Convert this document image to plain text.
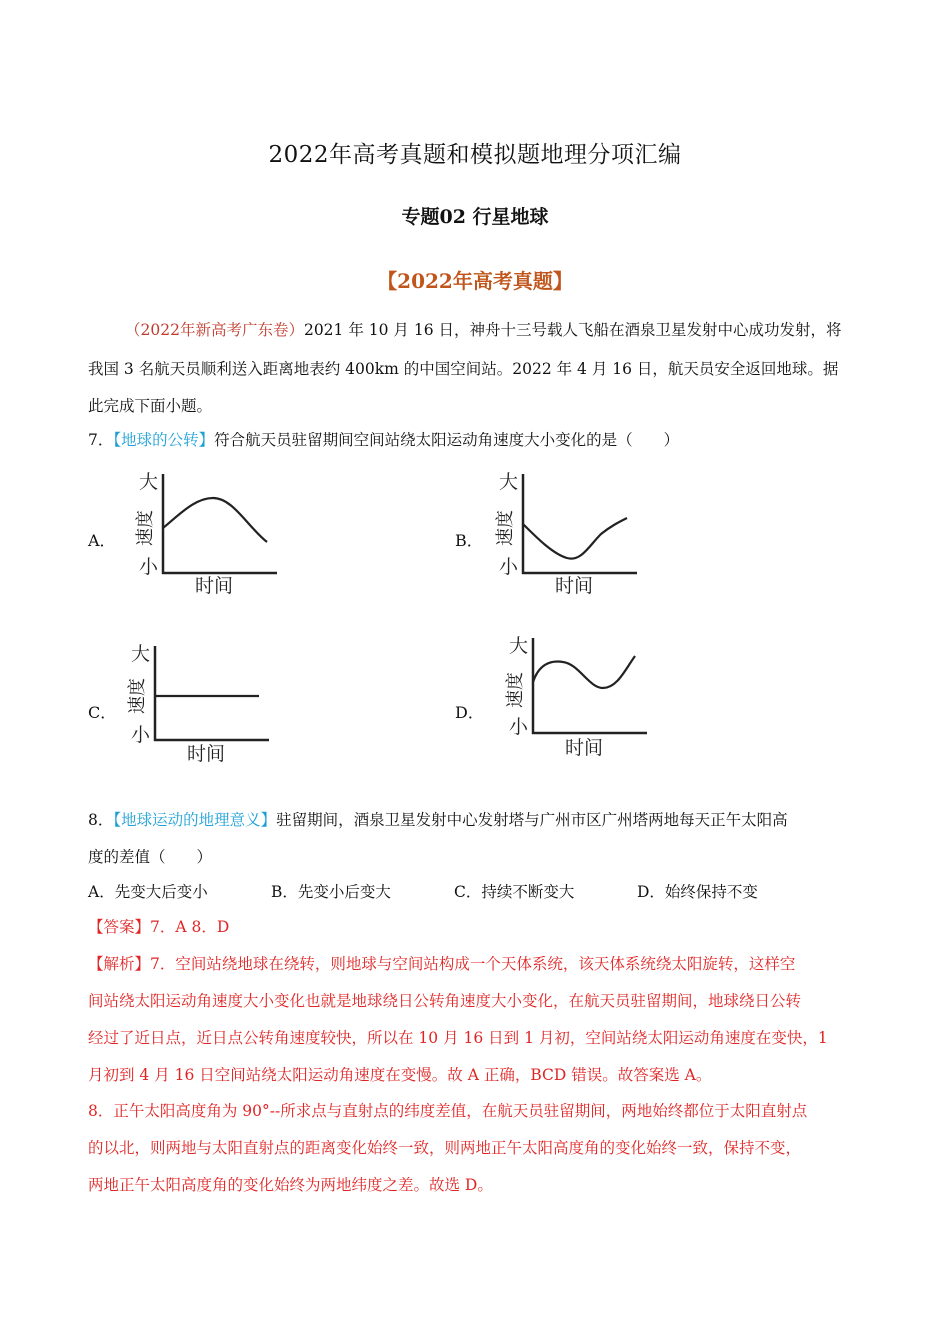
2022年高考真题和模拟题地理分项汇编
专题02 行星地球
【2022年高考真题】
（2022年新高考广东卷）2021 年 10 月 16 日，神舟十三号载人飞船在酒泉卫星发射中心成功发射，将
我国 3 名航天员顺利送入距离地表约 400km 的中国空间站。2022 年 4 月 16 日，航天员安全返回地球。据
此完成下面小题。
7．【地球的公转】符合航天员驻留期间空间站绕太阳运动角速度大小变化的是（　　）
A．	B．
C．	D．
大
小
速度
时间
大
小
速度
时间
大
小
速度
时间
大
小
速度
时间
8．【地球运动的地理意义】驻留期间，酒泉卫星发射中心发射塔与广州市区广州塔两地每天正午太阳高
度的差值（　　）
A．先变大后变小	B．先变小后变大	C．持续不断变大	D．始终保持不变
【答案】7．A 8．D
【解析】7．空间站绕地球在绕转，则地球与空间站构成一个天体系统，该天体系统绕太阳旋转，这样空
间站绕太阳运动角速度大小变化也就是地球绕日公转角速度大小变化，在航天员驻留期间，地球绕日公转
经过了近日点，近日点公转角速度较快，所以在 10 月 16 日到 1 月初，空间站绕太阳运动角速度在变快，1
月初到 4 月 16 日空间站绕太阳运动角速度在变慢。故 A 正确，BCD 错误。故答案选 A。
8．正午太阳高度角为 90°--所求点与直射点的纬度差值，在航天员驻留期间，两地始终都位于太阳直射点
的以北，则两地与太阳直射点的距离变化始终一致，则两地正午太阳高度角的变化始终一致，保持不变，
两地正午太阳高度角的变化始终为两地纬度之差。故选 D。
